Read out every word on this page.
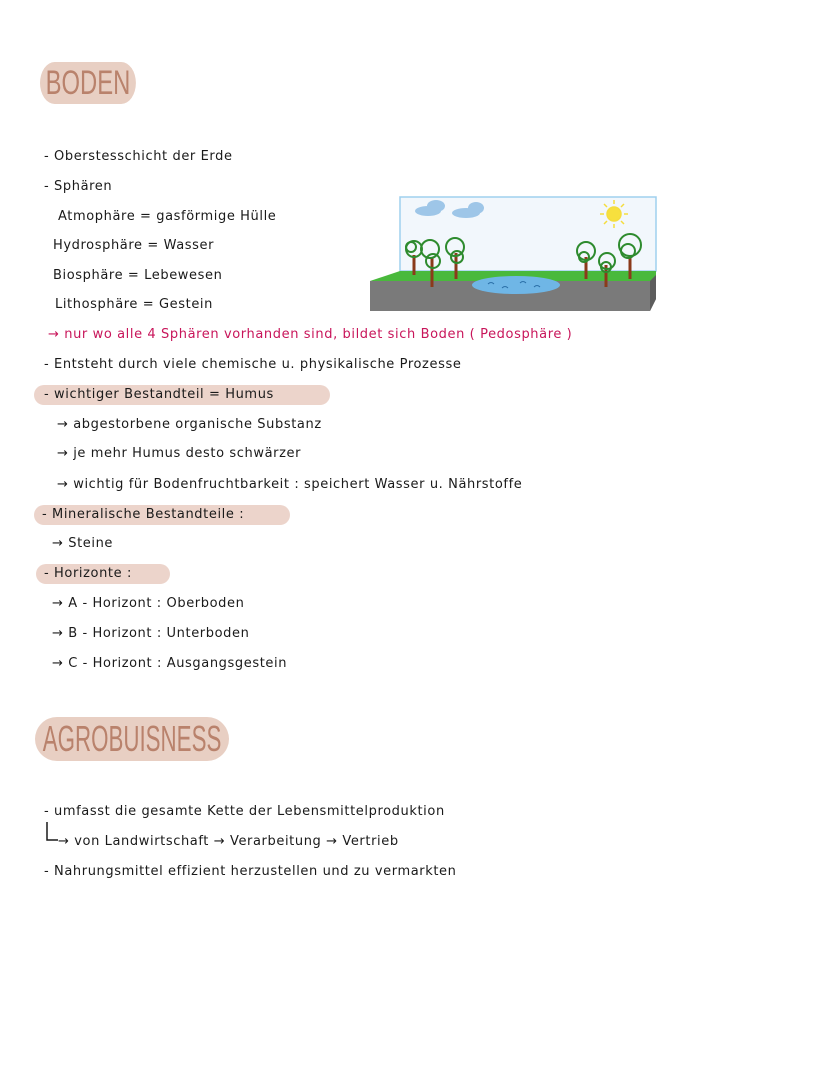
BODEN
- Oberstesschicht der Erde
- Sphären
Atmophäre = gasförmige Hülle
Hydrosphäre = Wasser
Biosphäre = Lebewesen
Lithosphäre = Gestein
→ nur wo alle 4 Sphären vorhanden sind, bildet sich Boden ( Pedosphäre )
- Entsteht durch viele chemische u. physikalische Prozesse
- wichtiger Bestandteil = Humus
→ abgestorbene organische Substanz
→ je mehr Humus desto schwärzer
→ wichtig für Bodenfruchtbarkeit : speichert Wasser u. Nährstoffe
- Mineralische Bestandteile :
→ Steine
- Horizonte :
→ A - Horizont : Oberboden
→ B - Horizont : Unterboden
→ C - Horizont : Ausgangsgestein
AGROBUISNESS
- umfasst die gesamte Kette der Lebensmittelproduktion
→ von Landwirtschaft → Verarbeitung → Vertrieb
- Nahrungsmittel effizient herzustellen und zu vermarkten
